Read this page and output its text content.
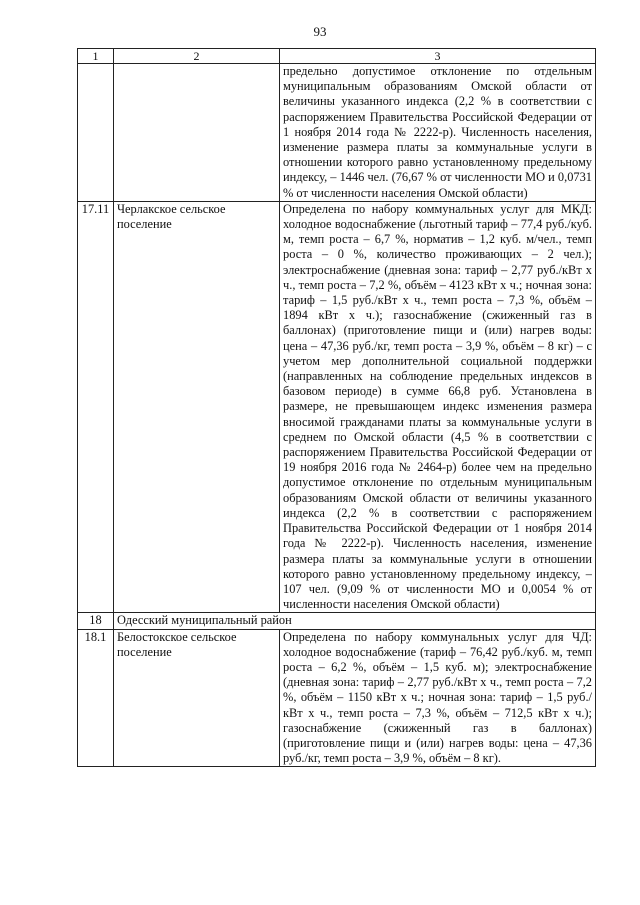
93
1	2	3
		предельно допустимое отклонение по отдельным муниципальным образованиям Омской области от величины указанного индекса (2,2 % в соответствии с распоряжением Правительства Российской Федерации от 1 ноября 2014 года № 2222-р). Численность населения, изменение размера платы за коммунальные услуги в отношении которого равно установленному предельному индексу, – 1446 чел. (76,67 % от численности МО и 0,0731 % от численности населения Омской области)
17.11	Черлакское сельское поселение	Определена по набору коммунальных услуг для МКД: холодное водоснабжение (льготный тариф – 77,4 руб./куб. м, темп роста – 6,7 %, норматив – 1,2 куб. м/чел., темп роста – 0 %, количество проживающих – 2 чел.); электроснабжение (дневная зона: тариф – 2,77 руб./кВт х ч., темп роста – 7,2 %, объём – 4123 кВт х ч.; ночная зона: тариф – 1,5 руб./кВт х ч., темп роста – 7,3 %, объём – 1894 кВт х ч.); газоснабжение (сжиженный газ в баллонах) (приготовление пищи и (или) нагрев воды: цена – 47,36 руб./кг, темп роста – 3,9 %, объём – 8 кг) – с учетом мер дополнительной социальной поддержки (направленных на соблюдение предельных индексов в базовом периоде) в сумме 66,8 руб. Установлена в размере, не превышающем индекс изменения размера вносимой гражданами платы за коммунальные услуги в среднем по Омской области (4,5 % в соответствии с распоряжением Правительства Российской Федерации от 19 ноября 2016 года № 2464-р) более чем на предельно допустимое отклонение по отдельным муниципальным образованиям Омской области от величины указанного индекса (2,2 % в соответствии с распоряжением Правительства Российской Федерации от 1 ноября 2014 года № 2222-р). Численность населения, изменение размера платы за коммунальные услуги в отношении которого равно установленному предельному индексу, – 107 чел. (9,09 % от численности МО и 0,0054 % от численности населения Омской области)
18	Одесский муниципальный район	
18.1	Белостокское сельское поселение	Определена по набору коммунальных услуг для ЧД: холодное водоснабжение (тариф – 76,42 руб./куб. м, темп роста – 6,2 %, объём – 1,5 куб. м); электроснабжение (дневная зона: тариф – 2,77 руб./кВт х ч., темп роста – 7,2 %, объём – 1150 кВт х ч.; ночная зона: тариф – 1,5 руб./кВт х ч., темп роста – 7,3 %, объём – 712,5 кВт х ч.); газоснабжение (сжиженный газ в баллонах) (приготовление пищи и (или) нагрев воды: цена – 47,36 руб./кг, темп роста – 3,9 %, объём – 8 кг).
